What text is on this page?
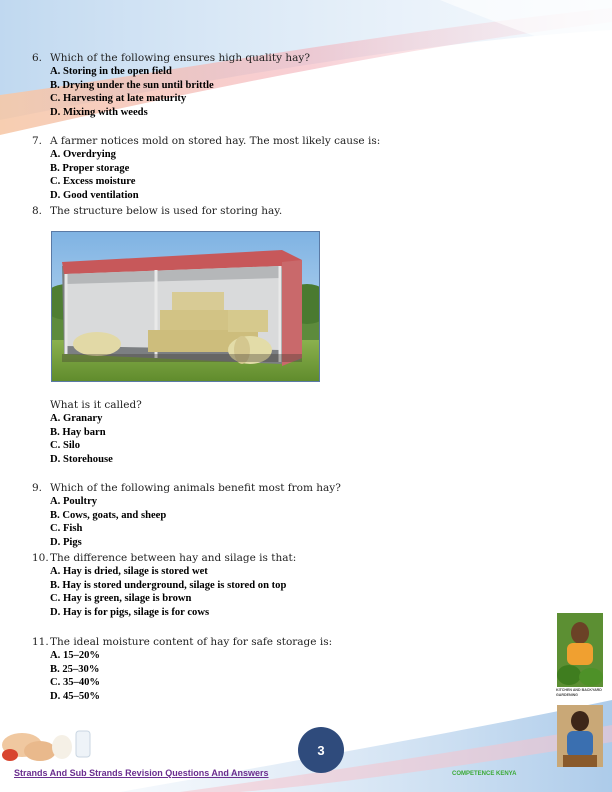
6. Which of the following ensures high quality hay?
A. Storing in the open field
B. Drying under the sun until brittle
C. Harvesting at late maturity
D. Mixing with weeds
7. A farmer notices mold on stored hay. The most likely cause is:
A. Overdrying
B. Proper storage
C. Excess moisture
D. Good ventilation
8. The structure below is used for storing hay.
What is it called?
A. Granary
B. Hay barn
C. Silo
D. Storehouse
9. Which of the following animals benefit most from hay?
A. Poultry
B. Cows, goats, and sheep
C. Fish
D. Pigs
10.The difference between hay and silage is that:
A. Hay is dried, silage is stored wet
B. Hay is stored underground, silage is stored on top
C. Hay is green, silage is brown
D. Hay is for pigs, silage is for cows
11.The ideal moisture content of hay for safe storage is:
A. 15–20%
B. 25–30%
C. 35–40%
D. 45–50%
KITCHEN AND BACKYARD GARDENING
3
Strands And Sub Strands Revision Questions And Answers	COMPETENCE KENYA
